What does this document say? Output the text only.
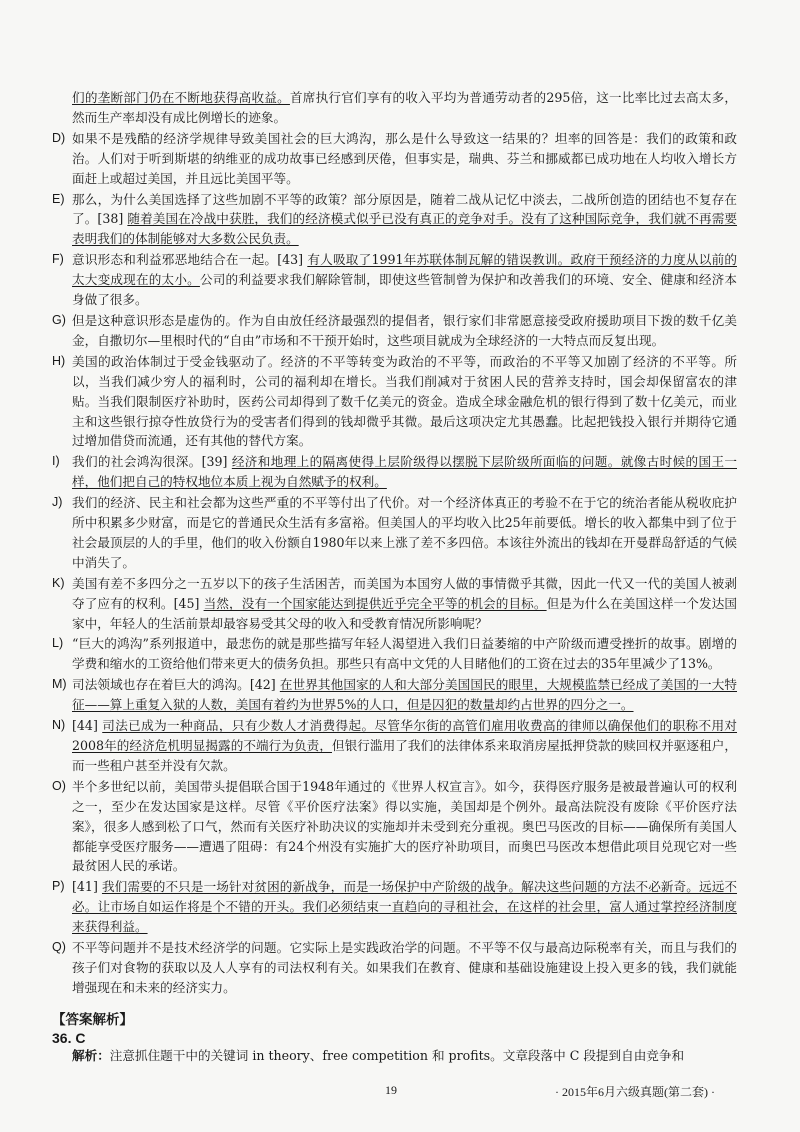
们的垄断部门仍在不断地获得高收益。首席执行官们享有的收入平均为普通劳动者的295倍，这一比率比过去高太多，然而生产率却没有成比例增长的迹象。
D) 如果不是残酷的经济学规律导致美国社会的巨大鸿沟，那么是什么导致这一结果的？坦率的回答是：我们的政策和政治。人们对于听到斯堪的纳维亚的成功故事已经感到厌倦，但事实是，瑞典、芬兰和挪威都已成功地在人均收入增长方面赶上或超过美国，并且远比美国平等。
E) 那么，为什么美国选择了这些加剧不平等的政策？部分原因是，随着二战从记忆中淡去，二战所创造的团结也不复存在了。[38] 随着美国在冷战中获胜，我们的经济模式似乎已没有真正的竞争对手。没有了这种国际竞争，我们就不再需要表明我们的体制能够对大多数公民负责。
F) 意识形态和利益邪恶地结合在一起。[43] 有人吸取了1991年苏联体制瓦解的错误教训。政府干预经济的力度从以前的太大变成现在的太小。公司的利益要求我们解除管制，即使这些管制曾为保护和改善我们的环境、安全、健康和经济本身做了很多。
G) 但是这种意识形态是虚伪的。作为自由放任经济最强烈的提倡者，银行家们非常愿意接受政府援助项目下拨的数千亿美金，自撒切尔—里根时代的“自由”市场和不干预开始时，这些项目就成为全球经济的一大特点而反复出现。
H) 美国的政治体制过于受金钱驱动了。经济的不平等转变为政治的不平等，而政治的不平等又加剧了经济的不平等。所以，当我们减少穷人的福利时，公司的福利却在增长。当我们削减对于贫困人民的营养支持时，国会却保留富农的津贴。当我们限制医疗补助时，医药公司却得到了数千亿美元的资金。造成全球金融危机的银行得到了数十亿美元，而业主和这些银行掠夺性放贷行为的受害者们得到的钱却微乎其微。最后这项决定尤其愚蠢。比起把钱投入银行并期待它通过增加借贷而流通，还有其他的替代方案。
I) 我们的社会鸿沟很深。[39] 经济和地理上的隔离使得上层阶级得以摆脱下层阶级所面临的问题。就像古时候的国王一样，他们把自己的特权地位本质上视为自然赋予的权利。
J) 我们的经济、民主和社会都为这些严重的不平等付出了代价。对一个经济体真正的考验不在于它的统治者能从税收庇护所中积累多少财富，而是它的普通民众生活有多富裕。但美国人的平均收入比25年前要低。增长的收入都集中到了位于社会最顶层的人的手里，他们的收入份额自1980年以来上涨了差不多四倍。本该往外流出的钱却在开曼群岛舒适的气候中消失了。
K) 美国有差不多四分之一五岁以下的孩子生活困苦，而美国为本国穷人做的事情微乎其微，因此一代又一代的美国人被剥夺了应有的权利。[45] 当然，没有一个国家能达到提供近乎完全平等的机会的目标。但是为什么在美国这样一个发达国家中，年轻人的生活前景却最容易受其父母的收入和受教育情况所影响呢？
L) “巨大的鸿沟”系列报道中，最悲伤的就是那些描写年轻人渴望进入我们日益萎缩的中产阶级而遭受挫折的故事。剧增的学费和缩水的工资给他们带来更大的债务负担。那些只有高中文凭的人目睹他们的工资在过去的35年里减少了13%。
M) 司法领域也存在着巨大的鸿沟。[42] 在世界其他国家的人和大部分美国国民的眼里，大规模监禁已经成了美国的一大特征——算上重复入狱的人数，美国有着约为世界5%的人口，但是囚犯的数量却约占世界的四分之一。
N) [44] 司法已成为一种商品，只有少数人才消费得起。尽管华尔街的高管们雇用收费高的律师以确保他们的职称不用对2008年的经济危机明显揭露的不端行为负责，但银行滥用了我们的法律体系来取消房屋抵押贷款的赎回权并驱逐租户，而一些租户甚至并没有欠款。
O) 半个多世纪以前，美国带头提倡联合国于1948年通过的《世界人权宣言》。如今，获得医疗服务是被最普遍认可的权利之一，至少在发达国家是这样。尽管《平价医疗法案》得以实施，美国却是个例外。最高法院没有废除《平价医疗法案》，很多人感到松了口气，然而有关医疗补助决议的实施却并未受到充分重视。奥巴马医改的目标——确保所有美国人都能享受医疗服务——遭遇了阻碍：有24个州没有实施扩大的医疗补助项目，而奥巴马医改本想借此项目兑现它对一些最贫困人民的承诺。
P) [41] 我们需要的不只是一场针对贫困的新战争，而是一场保护中产阶级的战争。解决这些问题的方法不必新奇。远远不必。让市场自如运作将是个不错的开头。我们必须结束一直趋向的寻租社会，在这样的社会里，富人通过掌控经济制度来获得利益。
Q) 不平等问题并不是技术经济学的问题。它实际上是实践政治学的问题。不平等不仅与最高边际税率有关，而且与我们的孩子们对食物的获取以及人人享有的司法权利有关。如果我们在教育、健康和基础设施建设上投入更多的钱，我们就能增强现在和未来的经济实力。
【答案解析】
36. C
解析：注意抓住题干中的关键词 in theory、free competition 和 profits。文章段落中 C 段提到自由竞争和
19	· 2015年6月六级真题(第二套) ·
